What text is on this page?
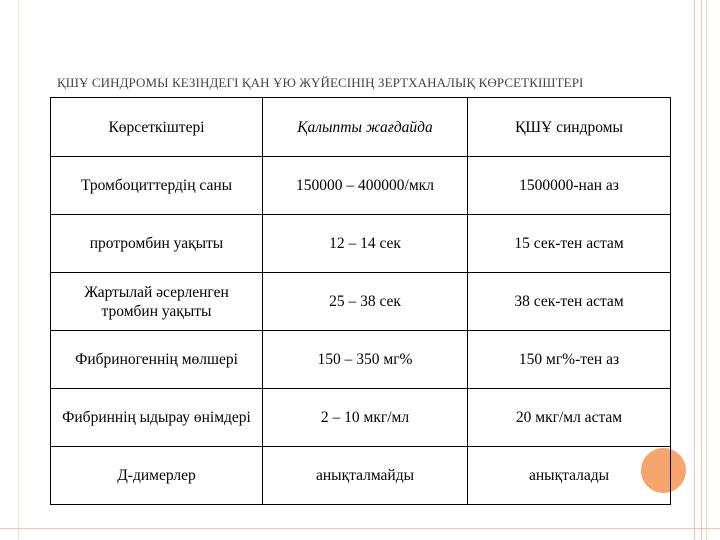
ҚШҰ СИНДРОМЫ КЕЗІНДЕГІ ҚАН ҰЮ ЖҮЙЕСІНІҢ ЗЕРТХАНАЛЫҚ КӨРСЕТКІШТЕРІ
Көрсеткіштері	Қалыпты жағдайда	ҚШҰ синдромы
Тромбоциттердің саны	150000 – 400000/мкл	1500000-нан аз
протромбин уақыты	12 – 14 сек	15 сек-тен астам
Жартылай әсерленген тромбин уақыты	25 – 38 сек	38 сек-тен астам
Фибриногеннің мөлшері	150 – 350 мг%	150 мг%-тен аз
Фибриннің ыдырау өнімдері	2 – 10 мкг/мл	20 мкг/мл астам
Д-димерлер	анықталмайды	анықталады
